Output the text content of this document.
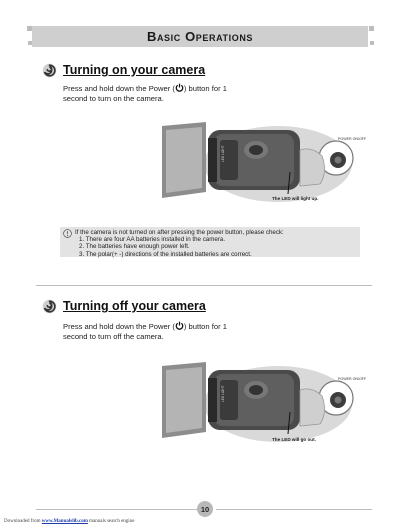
Basic Operations
Turning on your camera
Press and hold down the Power ( ) button for 1 second to turn on the camera.
LED LIGHT
POWER ON/OFF
The LED will light up.
If the camera is not turned on after pressing the power button, please check:
1. There are four AA batteries installed in the camera.
2. The batteries have enough power left.
3. The polar(+ -) directions of the installed batteries are correct.
Turning off your camera
Press and hold down the Power ( ) button for 1 second to turn off the camera.
LED LIGHT
POWER ON/OFF
The LED will go out.
10
Downloaded from www.Manualslib.com manuals search engine
